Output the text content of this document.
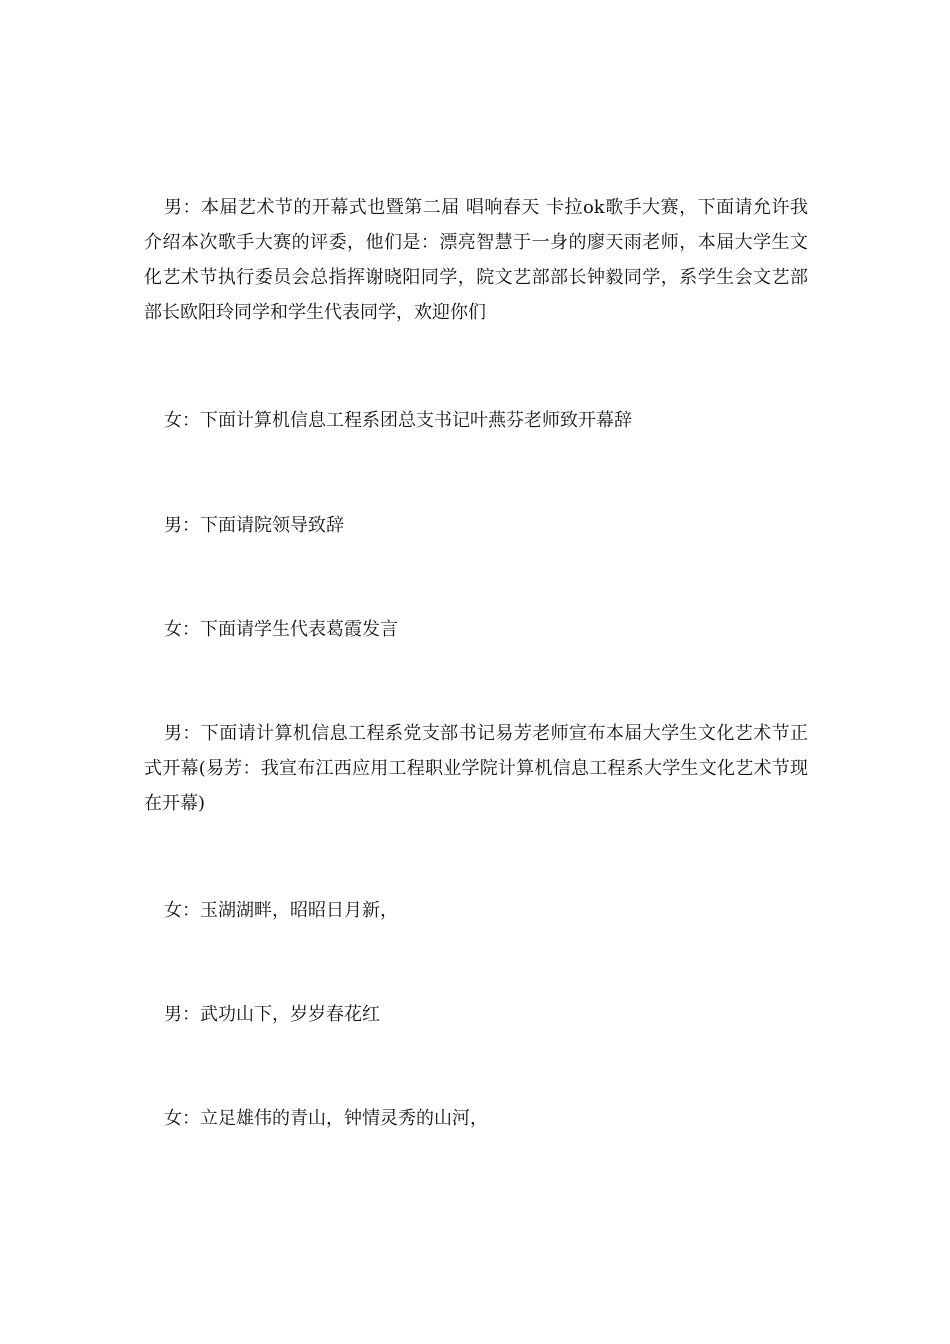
男：本届艺术节的开幕式也暨第二届 唱响春天 卡拉ok歌手大赛，下面请允许我介绍本次歌手大赛的评委，他们是：漂亮智慧于一身的廖天雨老师，本届大学生文化艺术节执行委员会总指挥谢晓阳同学，院文艺部部长钟毅同学，系学生会文艺部部长欧阳玲同学和学生代表同学，欢迎你们

女：下面计算机信息工程系团总支书记叶燕芬老师致开幕辞

男：下面请院领导致辞

女：下面请学生代表葛霞发言

男：下面请计算机信息工程系党支部书记易芳老师宣布本届大学生文化艺术节正式开幕(易芳：我宣布江西应用工程职业学院计算机信息工程系大学生文化艺术节现在开幕)

女：玉湖湖畔，昭昭日月新，

男：武功山下，岁岁春花红

女：立足雄伟的青山，钟情灵秀的山河，
